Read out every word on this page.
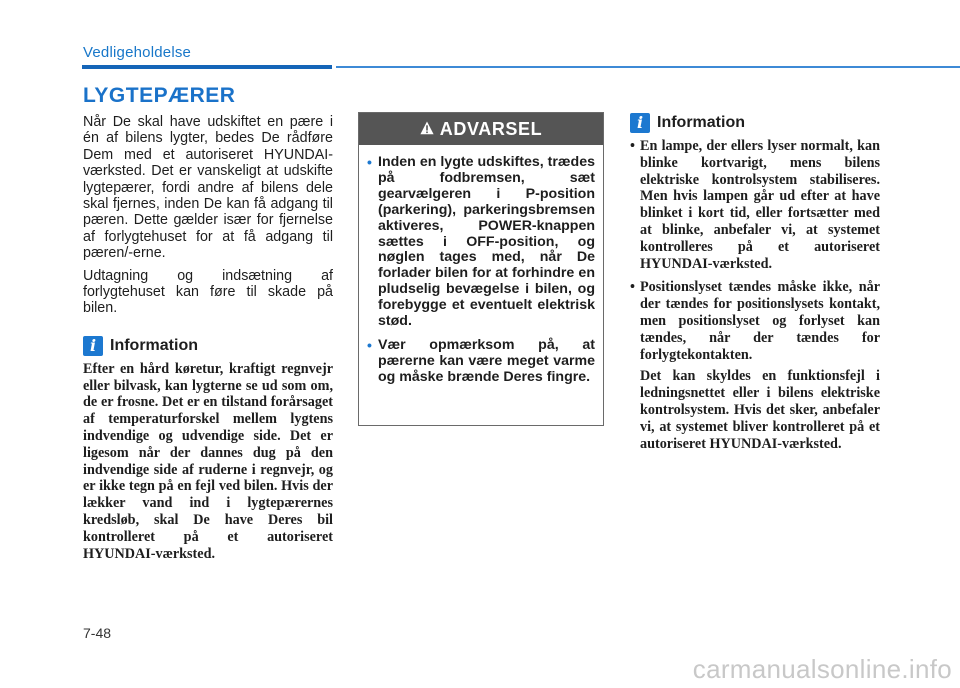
Vedligeholdelse
LYGTEPÆRER

Når De skal have udskiftet en pære i én af bilens lygter, bedes De rådføre Dem med et autoriseret HYUNDAI-værksted. Det er vanskeligt at udskifte lygtepærer, fordi andre af bilens dele skal fjernes, inden De kan få adgang til pæren. Dette gælder især for fjernelse af forlygtehuset for at få adgang til pæren/-erne.

Udtagning og indsætning af forlygtehuset kan føre til skade på bilen.

i Information

Efter en hård køretur, kraftigt regnvejr eller bilvask, kan lygterne se ud som om, de er frosne. Det er en tilstand forårsaget af temperaturforskel mellem lygtens indvendige og udvendige side. Det er ligesom når der dannes dug på den indvendige side af ruderne i regnvejr, og er ikke tegn på en fejl ved bilen. Hvis der lækker vand ind i lygtepærernes kredsløb, skal De have Deres bil kontrolleret på et autoriseret HYUNDAI-værksted.

ADVARSEL
• Inden en lygte udskiftes, trædes på fodbremsen, sæt gearvælgeren i P-position (parkering), parkeringsbremsen aktiveres, POWER-knappen sættes i OFF-position, og nøglen tages med, når De forlader bilen for at forhindre en pludselig bevægelse i bilen, og forebygge et eventuelt elektrisk stød.
• Vær opmærksom på, at pærerne kan være meget varme og måske brænde Deres fingre.
i Information
• En lampe, der ellers lyser normalt, kan blinke kortvarigt, mens bilens elektriske kontrolsystem stabiliseres. Men hvis lampen går ud efter at have blinket i kort tid, eller fortsætter med at blinke, anbefaler vi, at systemet kontrolleres på et autoriseret HYUNDAI-værksted.

• Positionslyset tændes måske ikke, når der tændes for positionslysets kontakt, men positionslyset og forlyset kan tændes, når der tændes for forlygtekontakten.

Det kan skyldes en funktionsfejl i ledningsnettet eller i bilens elektriske kontrolsystem. Hvis det sker, anbefaler vi, at systemet bliver kontrolleret på et autoriseret HYUNDAI-værksted.

7-48
carmanualsonline.info
